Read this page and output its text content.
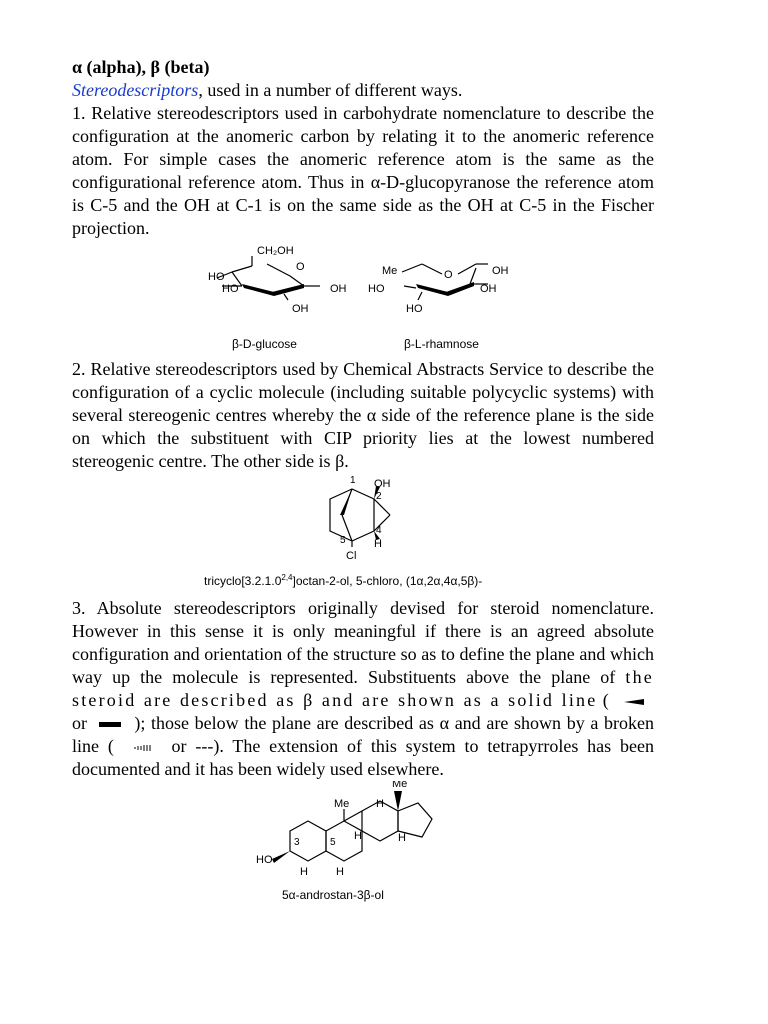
α (alpha), β (beta)

Stereodescriptors, used in a number of different ways.

1. Relative stereodescriptors used in carbohydrate nomenclature to describe the configuration at the anomeric carbon by relating it to the anomeric reference atom. For simple cases the anomeric reference atom is the same as the configurational reference atom. Thus in α-D-glucopyranose the reference atom is C-5 and the OH at C-1 is on the same side as the OH at C-5 in the Fischer projection.

CH₂OH
O
HO
HO	OH
OH
Me	O	OH
HO	OH
HO
β-D-glucose	β-L-rhamnose

2. Relative stereodescriptors used by Chemical Abstracts Service to describe the configuration of a cyclic molecule (including suitable polycyclic systems) with several stereogenic centres whereby the α side of the reference plane is the side on which the substituent with CIP priority lies at the lowest numbered stereogenic centre. The other side is β.

1 OH
2
4
H
5
Cl
tricyclo[3.2.1.0$^{2,4}$]octan-2-ol, 5-chloro, (1α,2α,4α,5β)-

3. Absolute stereodescriptors originally devised for steroid nomenclature. However in this sense it is only meaningful if there is an agreed absolute configuration and orientation of the structure so as to define the plane and which way up the molecule is represented. Substituents above the plane of the steroid are described as β and are shown as a solid line (  or	); those below the plane are described as α and are shown by a broken line (	or ---). The extension of this system to tetrapyrroles has been documented and it has been widely used elsewhere.

Me
Me H
H	H
H	H
HO
3	5
5α-androstan-3β-ol
